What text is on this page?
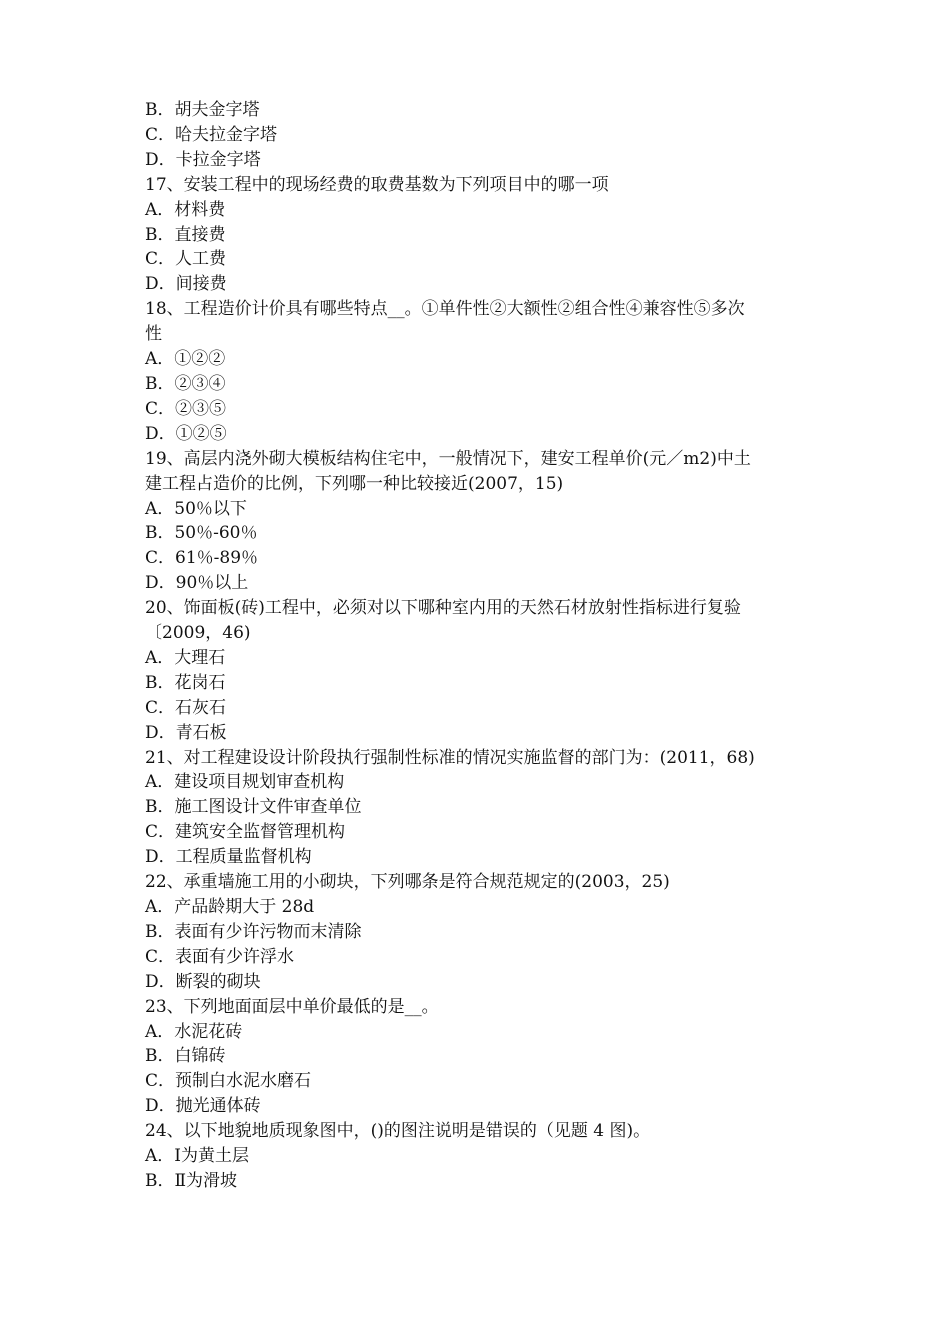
B．胡夫金字塔
C．哈夫拉金字塔
D．卡拉金字塔
17、安装工程中的现场经费的取费基数为下列项目中的哪一项
A．材料费
B．直接费
C．人工费
D．间接费
18、工程造价计价具有哪些特点__。①单件性②大额性②组合性④兼容性⑤多次
性
A．①②②
B．②③④
C．②③⑤
D．①②⑤
19、高层内浇外砌大模板结构住宅中，一般情况下，建安工程单价(元／m2)中土
建工程占造价的比例，下列哪一种比较接近(2007，15)
A．50％以下
B．50％-60％
C．61％-89％
D．90％以上
20、饰面板(砖)工程中，必须对以下哪种室内用的天然石材放射性指标进行复验
〔2009，46)
A．大理石
B．花岗石
C．石灰石
D．青石板
21、对工程建设设计阶段执行强制性标准的情况实施监督的部门为：(2011，68)
A．建设项目规划审查机构
B．施工图设计文件审查单位
C．建筑安全监督管理机构
D．工程质量监督机构
22、承重墙施工用的小砌块，下列哪条是符合规范规定的(2003，25)
A．产品龄期大于 28d
B．表面有少许污物而末清除
C．表面有少许浮水
D．断裂的砌块
23、下列地面面层中单价最低的是__。
A．水泥花砖
B．白锦砖
C．预制白水泥水磨石
D．抛光通体砖
24、以下地貌地质现象图中，()的图注说明是错误的（见题 4 图)。
A．Ⅰ为黄土层
B．Ⅱ为滑坡
